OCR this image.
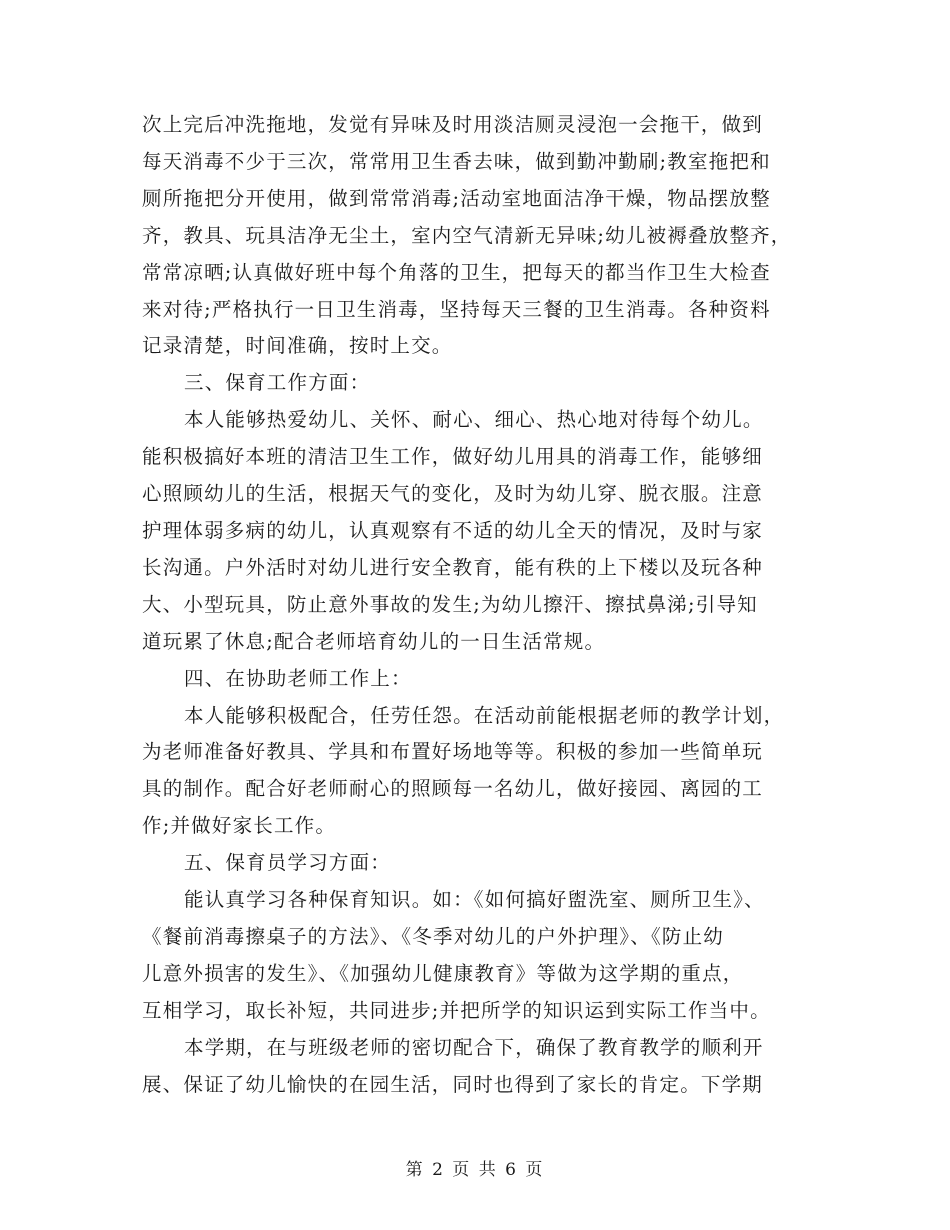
次上完后冲洗拖地，发觉有异味及时用淡洁厕灵浸泡一会拖干，做到
每天消毒不少于三次，常常用卫生香去味，做到勤冲勤刷;教室拖把和
厕所拖把分开使用，做到常常消毒;活动室地面洁净干燥，物品摆放整
齐，教具、玩具洁净无尘土，室内空气清新无异味;幼儿被褥叠放整齐，
常常凉晒;认真做好班中每个角落的卫生，把每天的都当作卫生大检查
来对待;严格执行一日卫生消毒，坚持每天三餐的卫生消毒。各种资料
记录清楚，时间准确，按时上交。
三、保育工作方面：
本人能够热爱幼儿、关怀、耐心、细心、热心地对待每个幼儿。
能积极搞好本班的清洁卫生工作，做好幼儿用具的消毒工作，能够细
心照顾幼儿的生活，根据天气的变化，及时为幼儿穿、脱衣服。注意
护理体弱多病的幼儿，认真观察有不适的幼儿全天的情况，及时与家
长沟通。户外活时对幼儿进行安全教育，能有秩的上下楼以及玩各种
大、小型玩具，防止意外事故的发生;为幼儿擦汗、擦拭鼻涕;引导知
道玩累了休息;配合老师培育幼儿的一日生活常规。
四、在协助老师工作上：
本人能够积极配合，任劳任怨。在活动前能根据老师的教学计划，
为老师准备好教具、学具和布置好场地等等。积极的参加一些简单玩
具的制作。配合好老师耐心的照顾每一名幼儿，做好接园、离园的工
作;并做好家长工作。
五、保育员学习方面：
能认真学习各种保育知识。如：《如何搞好盥洗室、厕所卫生》、
《餐前消毒擦桌子的方法》、《冬季对幼儿的户外护理》、《防止幼
儿意外损害的发生》、《加强幼儿健康教育》等做为这学期的重点，
互相学习，取长补短，共同进步;并把所学的知识运到实际工作当中。
本学期，在与班级老师的密切配合下，确保了教育教学的顺利开
展、保证了幼儿愉快的在园生活，同时也得到了家长的肯定。下学期
第 2 页 共 6 页
